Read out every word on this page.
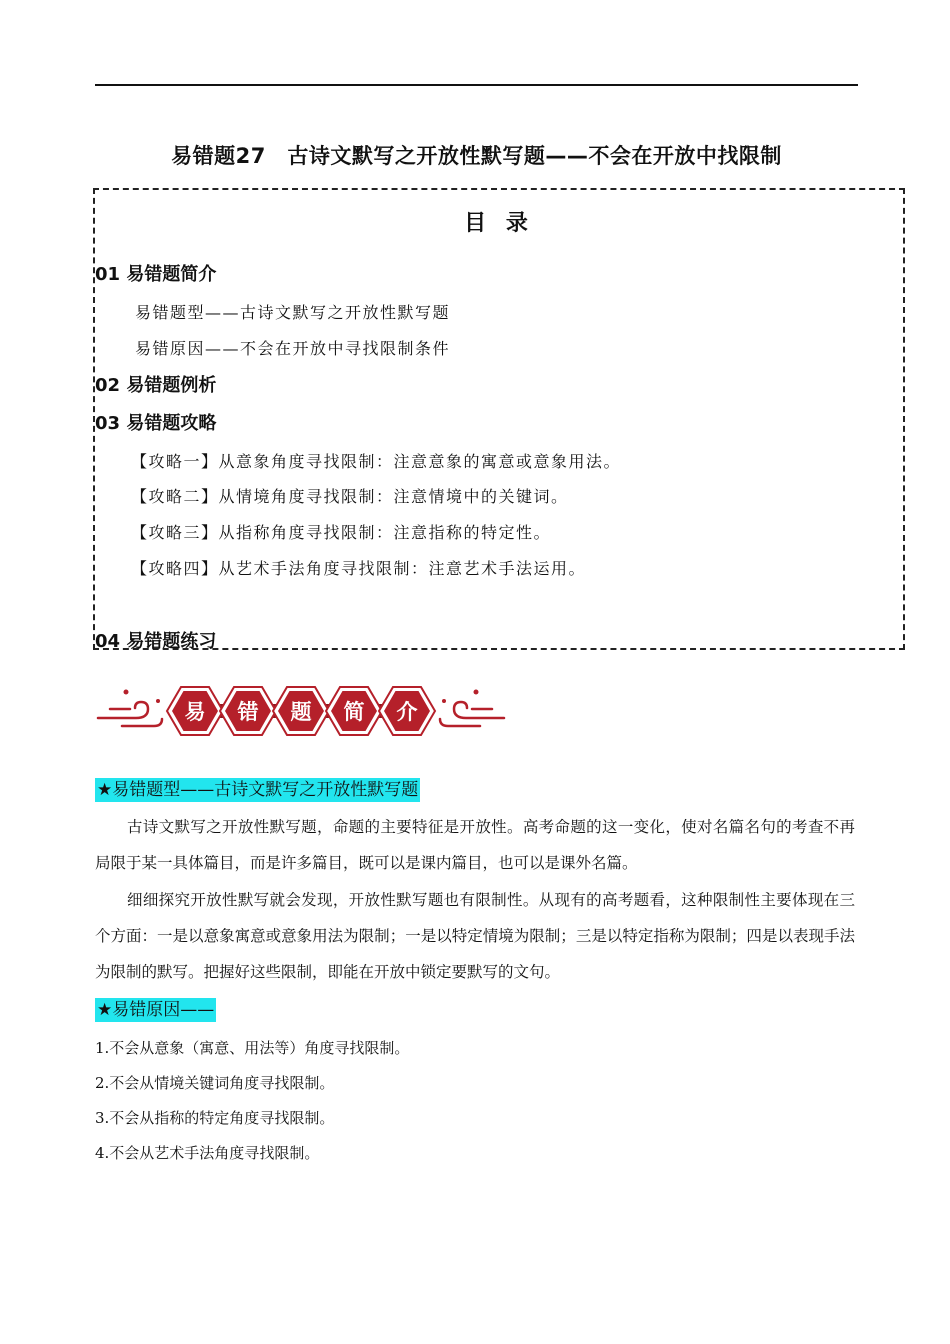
易错题27　古诗文默写之开放性默写题——不会在开放中找限制
目 录
01 易错题简介
易错题型——古诗文默写之开放性默写题
易错原因——不会在开放中寻找限制条件
02 易错题例析
03 易错题攻略
【攻略一】从意象角度寻找限制：注意意象的寓意或意象用法。
【攻略二】从情境角度寻找限制：注意情境中的关键词。
【攻略三】从指称角度寻找限制：注意指称的特定性。
【攻略四】从艺术手法角度寻找限制：注意艺术手法运用。
04 易错题练习
易 错 题 简 介
★易错题型——古诗文默写之开放性默写题

古诗文默写之开放性默写题，命题的主要特征是开放性。高考命题的这一变化，使对名篇名句的考查不再局限于某一具体篇目，而是许多篇目，既可以是课内篇目，也可以是课外名篇。

细细探究开放性默写就会发现，开放性默写题也有限制性。从现有的高考题看，这种限制性主要体现在三个方面：一是以意象寓意或意象用法为限制；一是以特定情境为限制；三是以特定指称为限制；四是以表现手法为限制的默写。把握好这些限制，即能在开放中锁定要默写的文句。

★易错原因——
1.不会从意象（寓意、用法等）角度寻找限制。
2.不会从情境关键词角度寻找限制。
3.不会从指称的特定角度寻找限制。
4.不会从艺术手法角度寻找限制。
